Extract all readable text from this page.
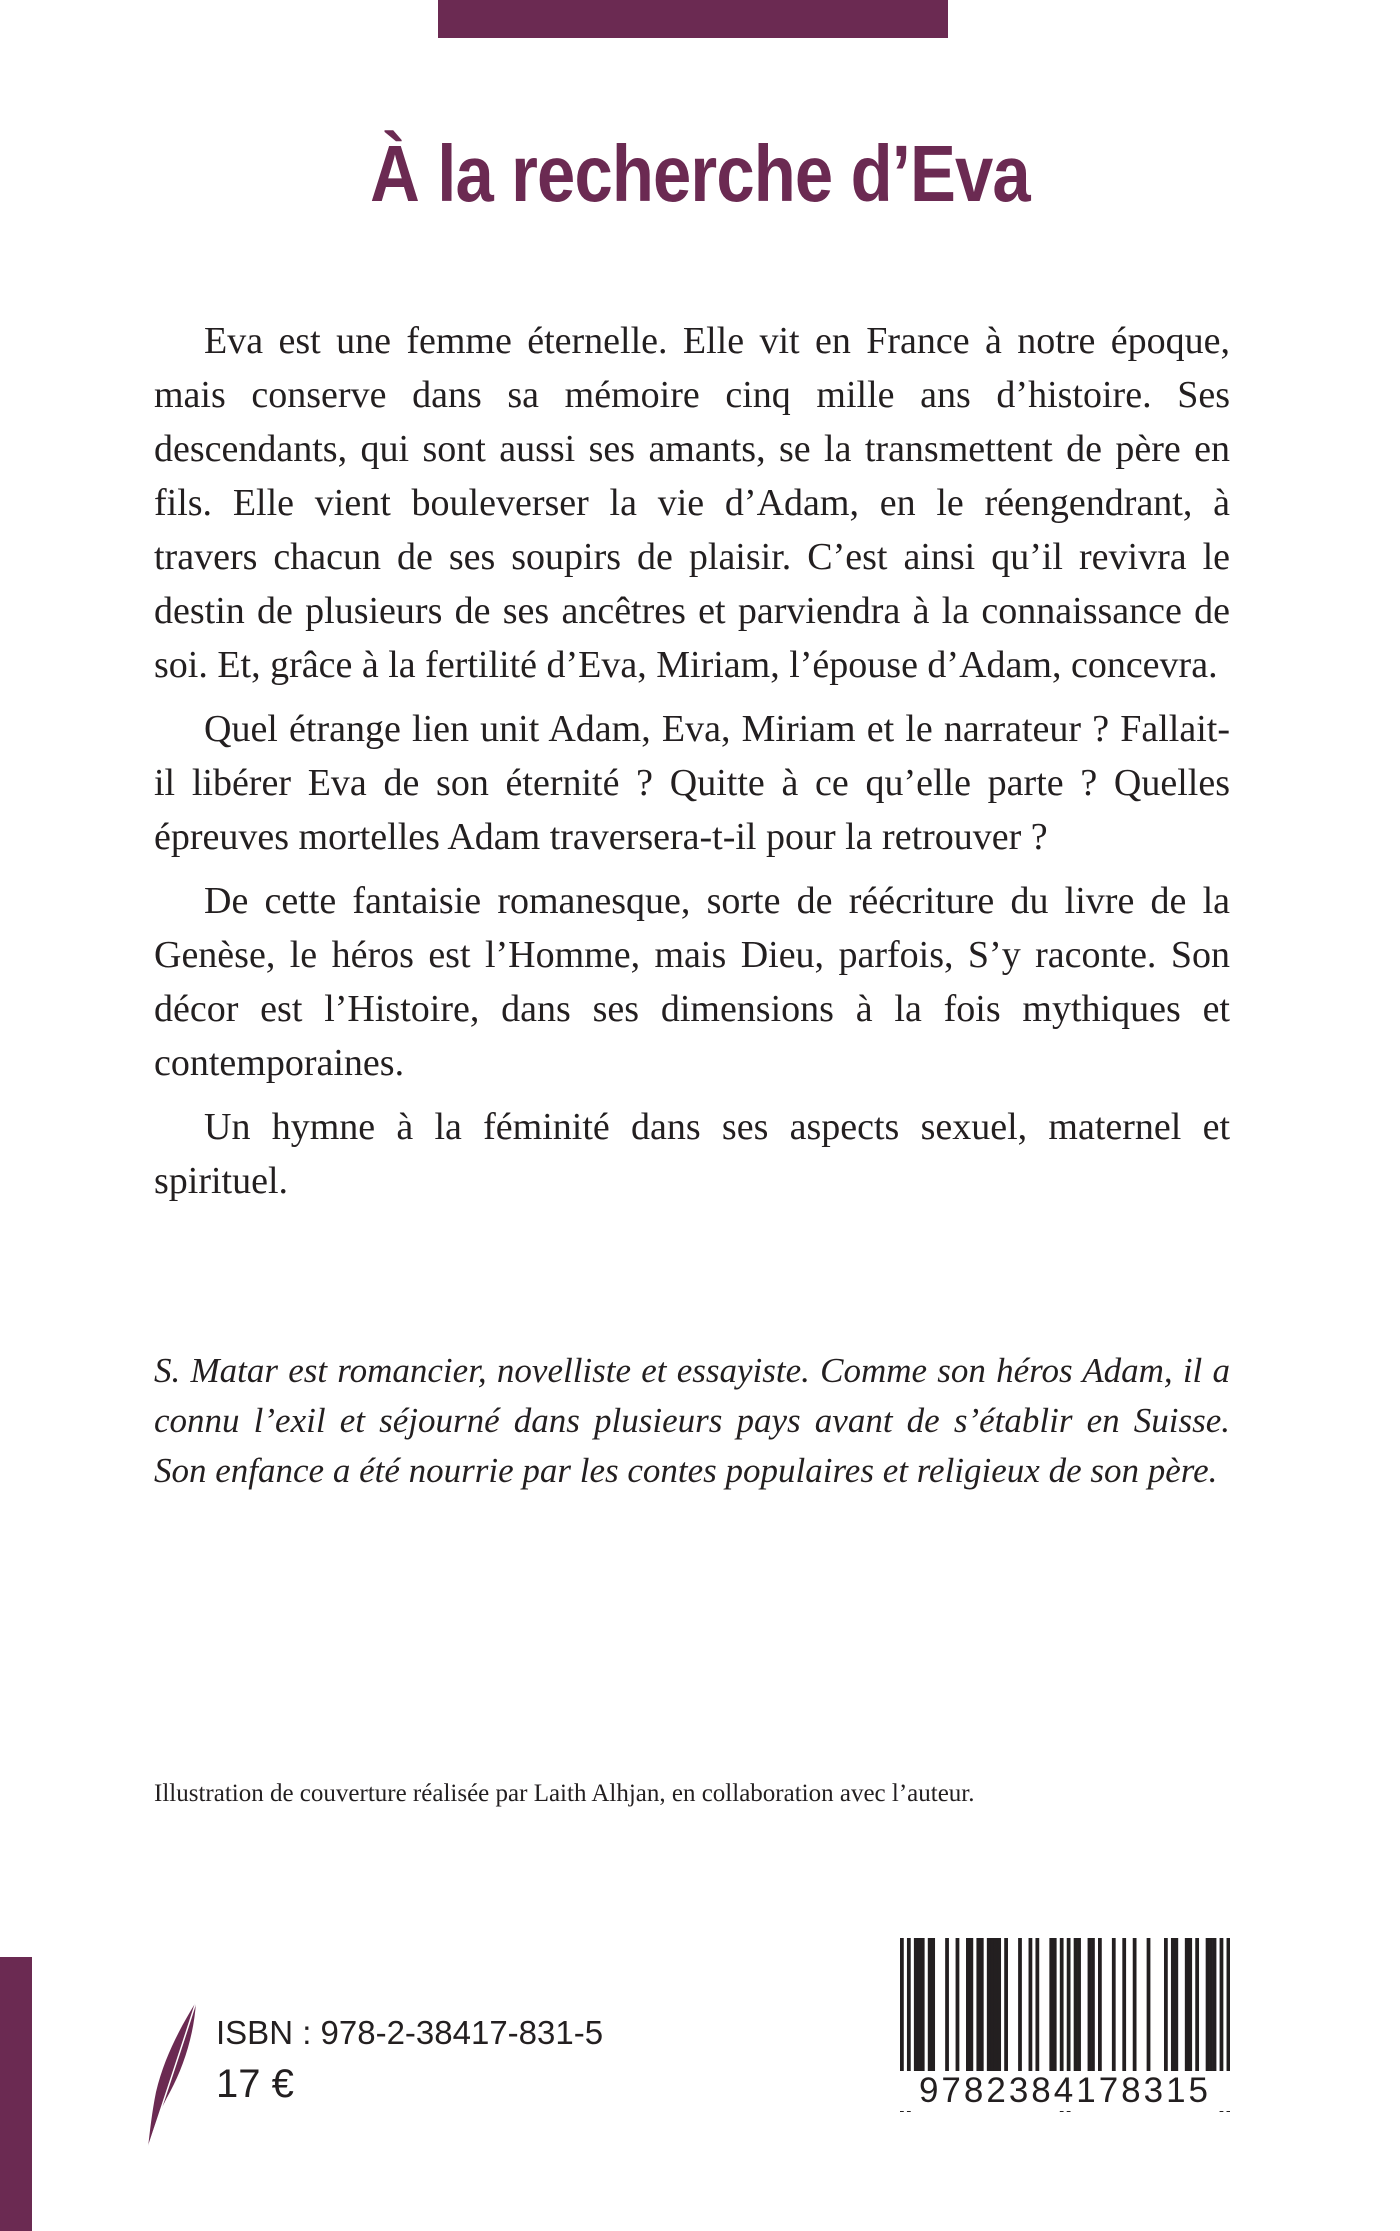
À la recherche d’Eva

Eva est une femme éternelle. Elle vit en France à notre époque, mais conserve dans sa mémoire cinq mille ans d’histoire. Ses descendants, qui sont aussi ses amants, se la transmettent de père en fils. Elle vient bouleverser la vie d’Adam, en le réengendrant, à travers chacun de ses soupirs de plaisir. C’est ainsi qu’il revivra le destin de plusieurs de ses ancêtres et parviendra à la connaissance de soi. Et, grâce à la fertilité d’Eva, Miriam, l’épouse d’Adam, concevra.

Quel étrange lien unit Adam, Eva, Miriam et le narrateur ? Fallait-il libérer Eva de son éternité ? Quitte à ce qu’elle parte ? Quelles épreuves mortelles Adam traversera-t-il pour la retrouver ?

De cette fantaisie romanesque, sorte de réécriture du livre de la Genèse, le héros est l’Homme, mais Dieu, parfois, S’y raconte. Son décor est l’Histoire, dans ses dimensions à la fois mythiques et contemporaines.

Un hymne à la féminité dans ses aspects sexuel, maternel et spirituel.

S. Matar est romancier, novelliste et essayiste. Comme son héros Adam, il a connu l’exil et séjourné dans plusieurs pays avant de s’établir en Suisse. Son enfance a été nourrie par les contes populaires et religieux de son père.

Illustration de couverture réalisée par Laith Alhjan, en collaboration avec l’auteur.

ISBN : 978-2-38417-831-5

17 €	9782384178315
